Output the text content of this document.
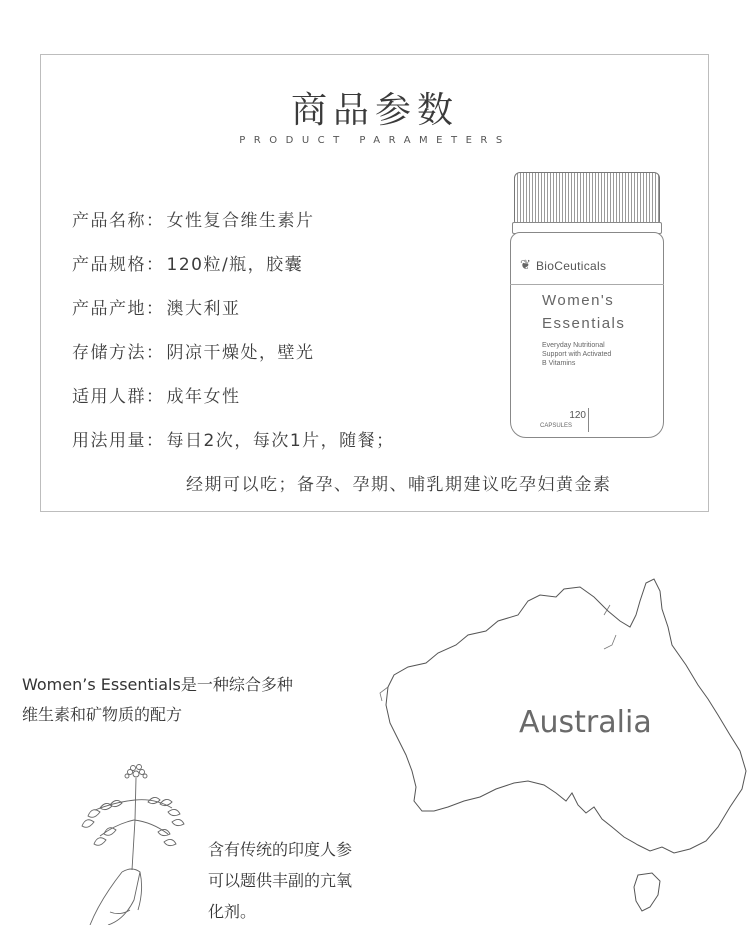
商品参数
PRODUCT PARAMETERS
产品名称： 女性复合维生素片
产品规格： 120粒/瓶，胶囊
产品产地： 澳大利亚
存储方法： 阴凉干燥处，壁光
适用人群： 成年女性
用法用量： 每日2次，每次1片，随餐；
经期可以吃；备孕、孕期、哺乳期建议吃孕妇黄金素
❦ BioCeuticals
Women's
Essentials
Everyday Nutritional
Support with Activated
B Vitamins
120
CAPSULES
Women’s Essentials是一种综合多种
维生素和矿物质的配方
含有传统的印度人参
可以题供丰副的亢氧
化剂。
Australia
